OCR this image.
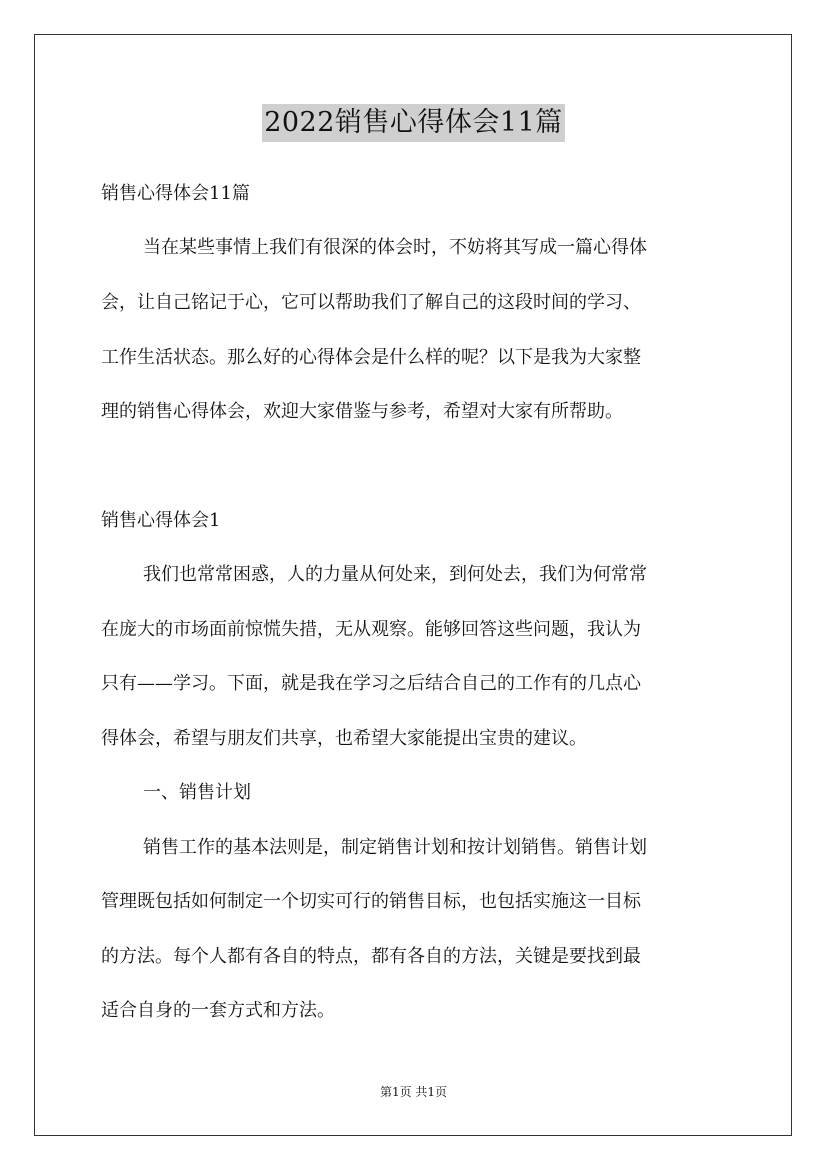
2022销售心得体会11篇
销售心得体会11篇
当在某些事情上我们有很深的体会时，不妨将其写成一篇心得体
会，让自己铭记于心，它可以帮助我们了解自己的这段时间的学习、
工作生活状态。那么好的心得体会是什么样的呢？以下是我为大家整
理的销售心得体会，欢迎大家借鉴与参考，希望对大家有所帮助。
销售心得体会1
我们也常常困惑，人的力量从何处来，到何处去，我们为何常常
在庞大的市场面前惊慌失措，无从观察。能够回答这些问题，我认为
只有——学习。下面，就是我在学习之后结合自己的工作有的几点心
得体会，希望与朋友们共享，也希望大家能提出宝贵的建议。
一、销售计划
销售工作的基本法则是，制定销售计划和按计划销售。销售计划
管理既包括如何制定一个切实可行的销售目标，也包括实施这一目标
的方法。每个人都有各自的特点，都有各自的方法，关键是要找到最
适合自身的一套方式和方法。
第1页 共1页
